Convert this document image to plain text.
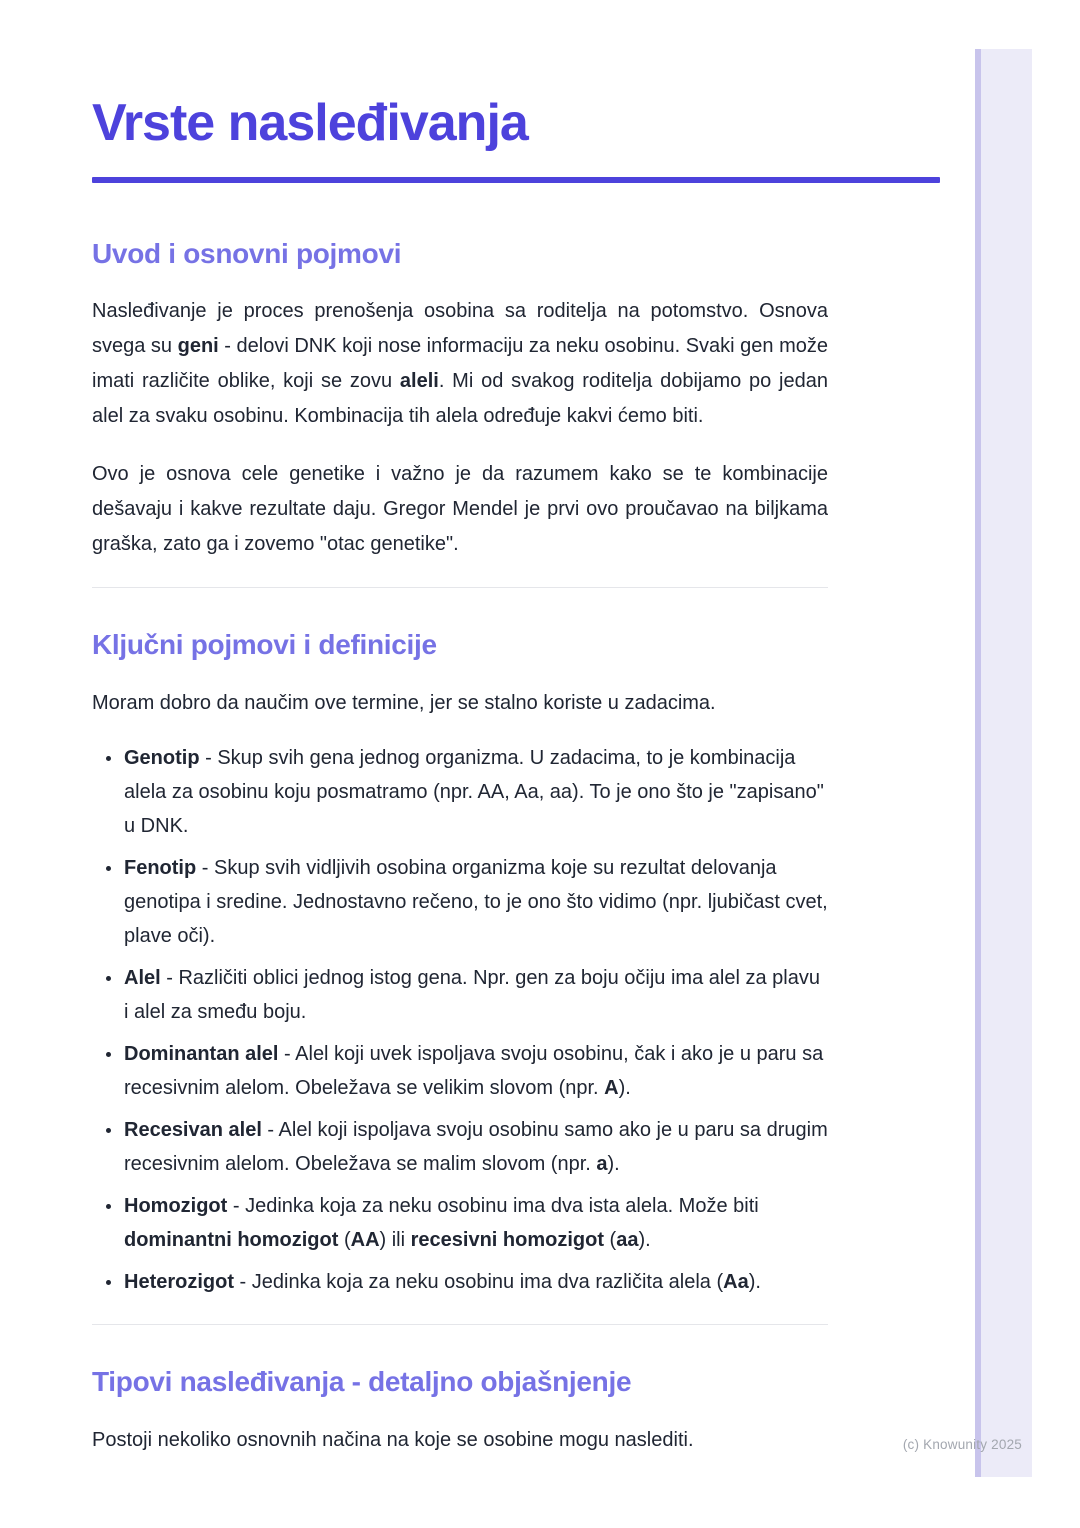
Vrste nasleđivanja
Uvod i osnovni pojmovi

Nasleđivanje je proces prenošenja osobina sa roditelja na potomstvo. Osnova svega su geni - delovi DNK koji nose informaciju za neku osobinu. Svaki gen može imati različite oblike, koji se zovu aleli. Mi od svakog roditelja dobijamo po jedan alel za svaku osobinu. Kombinacija tih alela određuje kakvi ćemo biti.

Ovo je osnova cele genetike i važno je da razumem kako se te kombinacije dešavaju i kakve rezultate daju. Gregor Mendel je prvi ovo proučavao na biljkama graška, zato ga i zovemo "otac genetike".

Ključni pojmovi i definicije

Moram dobro da naučim ove termine, jer se stalno koriste u zadacima.

• Genotip - Skup svih gena jednog organizma. U zadacima, to je kombinacija alela za osobinu koju posmatramo (npr. AA, Aa, aa). To je ono što je "zapisano" u DNK.
• Fenotip - Skup svih vidljivih osobina organizma koje su rezultat delovanja genotipa i sredine. Jednostavno rečeno, to je ono što vidimo (npr. ljubičast cvet, plave oči).
• Alel - Različiti oblici jednog istog gena. Npr. gen za boju očiju ima alel za plavu i alel za smeđu boju.
• Dominantan alel - Alel koji uvek ispoljava svoju osobinu, čak i ako je u paru sa recesivnim alelom. Obeležava se velikim slovom (npr. A).
• Recesivan alel - Alel koji ispoljava svoju osobinu samo ako je u paru sa drugim recesivnim alelom. Obeležava se malim slovom (npr. a).
• Homozigot - Jedinka koja za neku osobinu ima dva ista alela. Može biti dominantni homozigot (AA) ili recesivni homozigot (aa).
• Heterozigot - Jedinka koja za neku osobinu ima dva različita alela (Aa).
Tipovi nasleđivanja - detaljno objašnjenje

Postoji nekoliko osnovnih načina na koje se osobine mogu naslediti.	(c) Knowunity 2025
